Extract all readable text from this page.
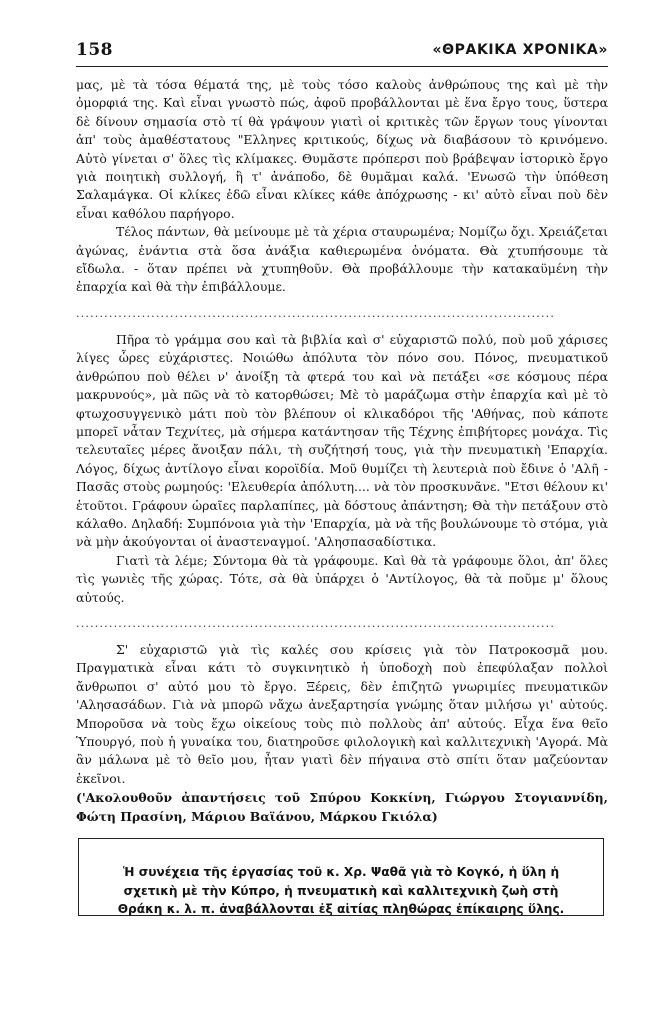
158	«ΘΡΑΚΙΚΑ ΧΡΟΝΙΚΑ»

μας, μὲ τὰ τόσα θέματά της, μὲ τοὺς τόσο καλοὺς ἀνθρώπους της καὶ μὲ τὴν ὀμορφιά της. Καὶ εἶναι γνωστὸ πώς, ἀφοῦ προβάλλονται μὲ ἕνα ἔργο τους, ὕστερα δὲ δίνουν σημασία στὸ τί θὰ γράψουν γιατὶ οἱ κριτικὲς τῶν ἔργων τους γίνονται ἀπ' τοὺς ἀμαθέστατους "Ελληνες κριτικούς, δίχως νὰ διαβάσουν τὸ κρινόμενο. Αὐτὸ γίνεται σ' ὅλες τὶς κλίμακες. Θυμᾶστε πρόπερσι ποὺ βράβεψαν ἱστορικὸ ἔργο γιὰ ποιητικὴ συλλογή, ἢ τ' ἀνάποδο, δὲ θυμᾶμαι καλά. 'Ενωσῶ τὴν ὑπόθεση Σαλαμάγκα. Οἱ κλίκες ἐδῶ εἶναι κλίκες κάθε ἀπόχρωσης - κι' αὐτὸ εἶναι ποὺ δὲν εἶναι καθόλου παρήγορο.

Τέλος πάντων, θὰ μείνουμε μὲ τὰ χέρια σταυρωμένα; Νομίζω ὄχι. Χρειάζεται ἀγώνας, ἐνάντια στὰ ὅσα ἀνάξια καθιερωμένα ὀνόματα. Θὰ χτυπήσουμε τὰ εἴδωλα. - ὅταν πρέπει νὰ χτυπηθοῦν. Θὰ προβάλλουμε τὴν κατακαϋμένη τὴν ἐπαρχία καὶ θὰ τὴν ἐπιβάλλουμε.

......................................................................................................

Πῆρα τὸ γράμμα σου καὶ τὰ βιβλία καὶ σ' εὐχαριστῶ πολύ, ποὺ μοῦ χάρισες λίγες ὧρες εὐχάριστες. Νοιώθω ἀπόλυτα τὸν πόνο σου. Πόνος, πνευματικοῦ ἀνθρώπου ποὺ θέλει ν' ἀνοίξη τὰ φτερά του καὶ νὰ πετάξει «σε κόσμους πέρα μακρυνούς», μὰ πῶς νὰ τὸ κατορθώσει; Μὲ τὸ μαράζωμα στὴν ἐπαρχία καὶ μὲ τὸ φτωχοσυγγενικὸ μάτι ποὺ τὸν βλέπουν οἱ κλικαδόροι τῆς 'Αθήνας, ποὺ κάποτε μπορεῖ νἆταν Τεχνίτες, μὰ σήμερα κατάντησαν τῆς Τέχνης ἐπιβήτορες μονάχα. Τὶς τελευταῖες μέρες ἄνοιξαν πάλι, τὴ συζήτησή τους, γιὰ τὴν πνευματικὴ 'Επαρχία. Λόγος, δίχως ἀντίλογο εἶναι κοροϊδία. Μοῦ θυμίζει τὴ λευτεριὰ ποὺ ἔδινε ὁ 'Αλῆ - Πασᾶς στοὺς ρωμηούς: 'Ελευθερία ἀπόλυτη.... νὰ τὸν προσκυνᾶνε. "Ετσι θέλουν κι' ἐτοῦτοι. Γράφουν ὡραῖες παρλαπίπες, μὰ δόστους ἀπάντηση; Θὰ τὴν πετάξουν στὸ κάλαθο. Δηλαδή: Συμπόνοια γιὰ τὴν 'Επαρχία, μὰ νὰ τῆς βουλώνουμε τὸ στόμα, γιὰ νὰ μὴν ἀκούγονται οἱ ἀναστεναγμοί. 'Αλησπασαδίστικα.

Γιατὶ τὰ λέμε; Σύντομα θὰ τὰ γράφουμε. Καὶ θὰ τὰ γράφουμε ὅλοι, ἀπ' ὅλες τὶς γωνιὲς τῆς χώρας. Τότε, σὰ θὰ ὑπάρχει ὁ 'Αντίλογος, θὰ τὰ ποῦμε μ' ὅλους αὐτούς.

......................................................................................................

Σ' εὐχαριστῶ γιὰ τὶς καλές σου κρίσεις γιὰ τὸν Πατροκοσμᾶ μου. Πραγματικὰ εἶναι κάτι τὸ συγκινητικὸ ἡ ὑποδοχὴ ποὺ ἐπεφύλαξαν πολλοὶ ἄνθρωποι σ' αὐτό μου τὸ ἔργο. Ξέρεις, δὲν ἐπιζητῶ γνωριμίες πνευματικῶν 'Αλησασάδων. Γιὰ νὰ μπορῶ νἄχω ἀνεξαρτησία γνώμης ὅταν μιλήσω γι' αὐτούς. Μποροῦσα νὰ τοὺς ἔχω οἰκείους τοὺς πιὸ πολλοὺς ἀπ' αὐτούς. Εἶχα ἕνα θεῖο Ὑπουργό, ποὺ ἡ γυναίκα του, διατηροῦσε φιλολογικὴ καὶ καλλιτεχνικὴ 'Αγορά. Μὰ ἂν μάλωνα μὲ τὸ θεῖο μου, ἦταν γιατὶ δὲν πήγαινα στὸ σπίτι ὅταν μαζεύονταν ἐκεῖνοι.

('Ακολουθοῦν ἀπαντήσεις τοῦ Σπύρου Κοκκίνη, Γιώργου Στογιαννίδη, Φώτη Πρασίνη, Μάριου Βαϊάνου, Μάρκου Γκιόλα)

Ἡ συνέχεια τῆς ἐργασίας τοῦ κ. Χρ. Ψαθᾶ γιὰ τὸ Κογκό, ἡ ὕλη ἡ σχετικὴ μὲ τὴν Κύπρο, ἡ πνευματικὴ καὶ καλλιτεχνικὴ ζωὴ στὴ Θράκη κ. λ. π. ἀναβάλλονται ἐξ αἰτίας πληθώρας ἐπίκαιρης ὕλης.
